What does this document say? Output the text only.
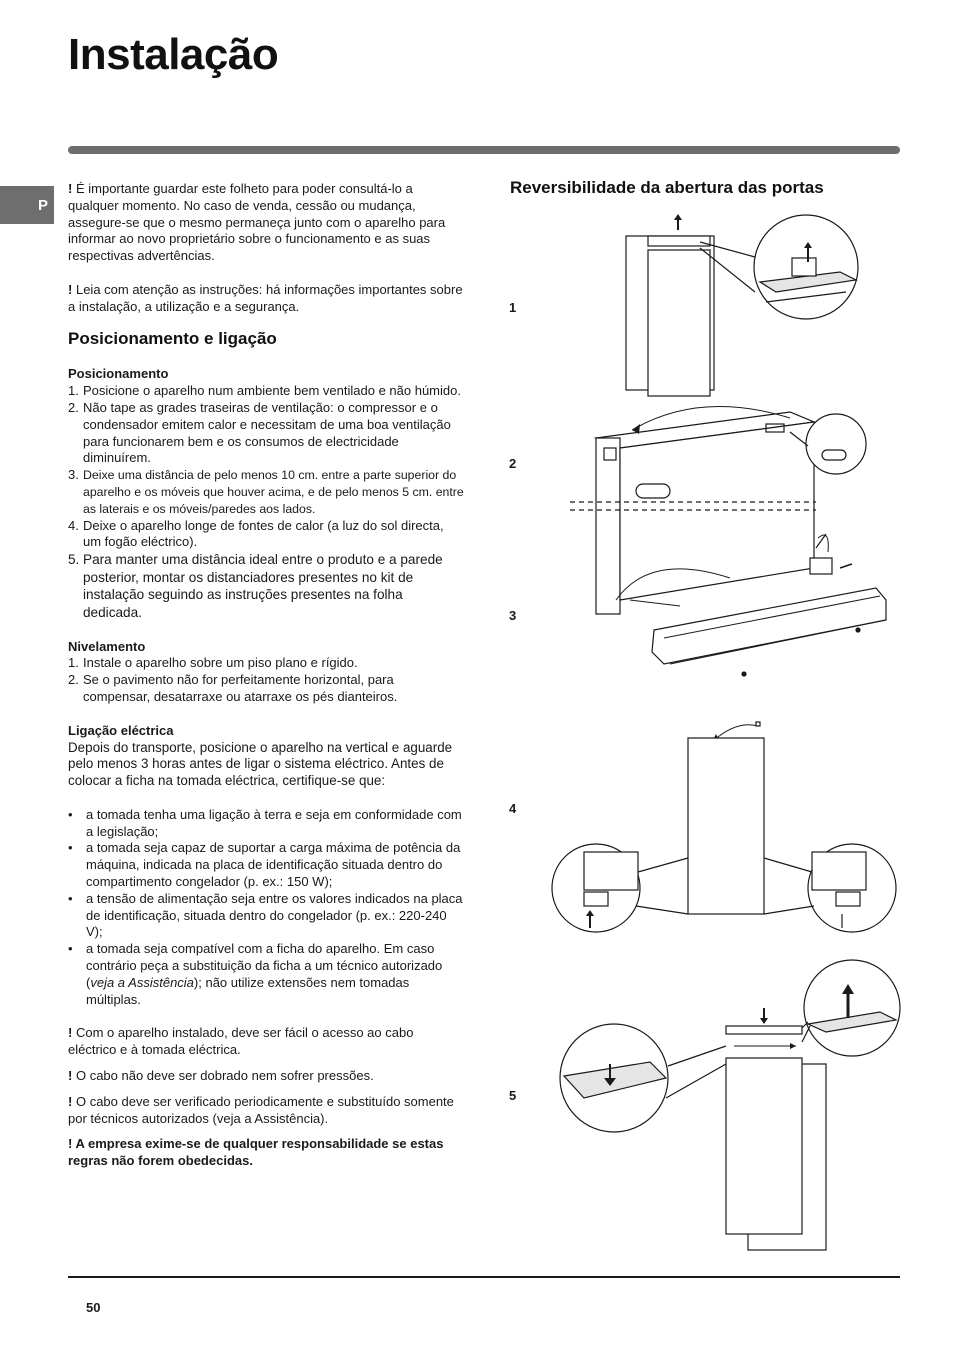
Instalação
P

! É importante guardar este folheto para poder consultá-lo a qualquer momento. No caso de venda, cessão ou mudança, assegure-se que o mesmo permaneça junto com o aparelho para informar ao novo proprietário sobre o funcionamento e as suas respectivas advertências.

! Leia com atenção as instruções: há informações importantes sobre a instalação, a utilização e a segurança.

Posicionamento e ligação
Posicionamento
1. Posicione o aparelho num ambiente bem ventilado e não húmido.
2. Não tape as grades traseiras de ventilação: o compressor e o condensador emitem calor e necessitam de uma boa ventilação para funcionarem bem e os consumos de electricidade diminuírem.
3. Deixe uma distância de pelo menos 10 cm. entre a parte superior do aparelho e os móveis que houver acima, e de pelo menos 5 cm. entre as laterais e os móveis/paredes aos lados.
4. Deixe o aparelho longe de fontes de calor (a luz do sol directa, um fogão eléctrico).
5. Para manter uma distância ideal entre o produto e a parede posterior, montar os distanciadores presentes no kit de instalação seguindo as instruções presentes na folha dedicada.
Nivelamento
1. Instale o aparelho sobre um piso plano e rígido.
2. Se o pavimento não for perfeitamente horizontal, para compensar, desatarraxe ou atarraxe os pés dianteiros.
Ligação eléctrica

Depois do transporte, posicione o aparelho na vertical e aguarde pelo menos 3 horas antes de ligar o sistema eléctrico. Antes de colocar a ficha na tomada eléctrica, certifique-se que:

•	a tomada tenha uma ligação à terra e seja em conformidade com a legislação;
•	a tomada seja capaz de suportar a carga máxima de potência da máquina, indicada na placa de identificação situada dentro do compartimento congelador (p. ex.: 150 W);
•	a tensão de alimentação seja entre os valores indicados na placa de identificação, situada dentro do congelador (p. ex.: 220-240 V);
•	a tomada seja compatível com a ficha do aparelho. Em caso contrário peça a substituição da ficha a um técnico autorizado (veja a Assistência); não utilize extensões nem tomadas múltiplas.

! Com o aparelho instalado, deve ser fácil o acesso ao cabo eléctrico e à tomada eléctrica.

! O cabo não deve ser dobrado nem sofrer pressões.

! O cabo deve ser verificado periodicamente e substituído somente por técnicos autorizados (veja a Assistência).

! A empresa exime-se de qualquer responsabilidade se estas regras não forem obedecidas.

Reversibilidade da abertura das portas
1
2
3
4
5
50
